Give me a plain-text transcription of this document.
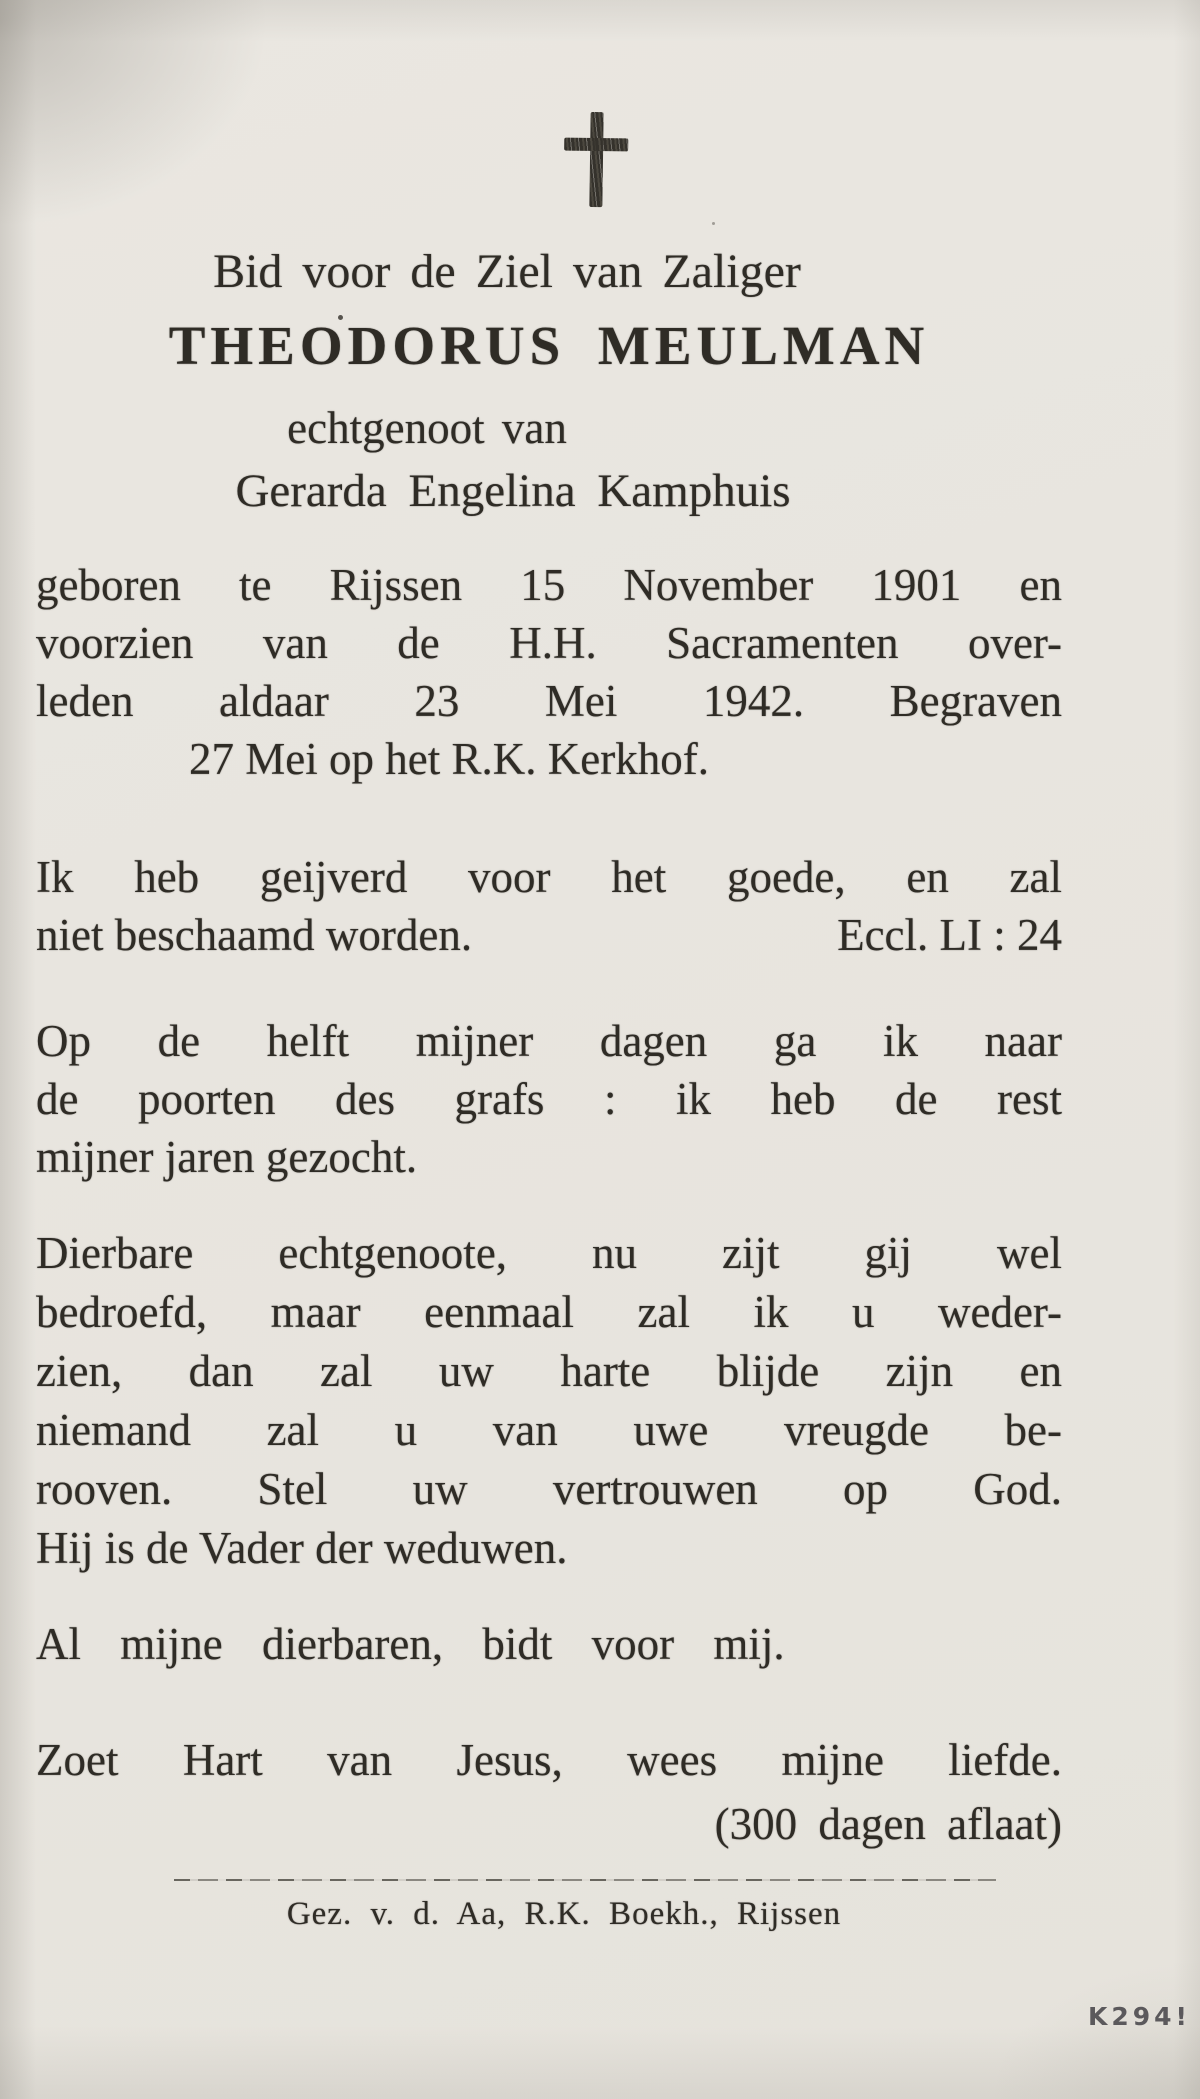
Bid voor de Ziel van Zaliger
THEODORUS MEULMAN
echtgenoot van
Gerarda Engelina Kamphuis
geboren te Rijssen 15 November 1901 en
voorzien van de H.H. Sacramenten over-
leden aldaar 23 Mei 1942. Begraven
27 Mei op het R.K. Kerkhof.
Ik heb geijverd voor het goede, en zal
niet beschaamd worden.	Eccl. LI : 24
Op de helft mijner dagen ga ik naar
de poorten des grafs : ik heb de rest
mijner jaren gezocht.
Dierbare echtgenoote, nu zijt gij wel
bedroefd, maar eenmaal zal ik u weder-
zien, dan zal uw harte blijde zijn en
niemand zal u van uwe vreugde be-
rooven. Stel uw vertrouwen op God.
Hij is de Vader der weduwen.
Al mijne dierbaren, bidt voor mij.
Zoet Hart van Jesus, wees mijne liefde.
(300 dagen aflaat)
Gez. v. d. Aa, R.K. Boekh., Rijssen
K294!
